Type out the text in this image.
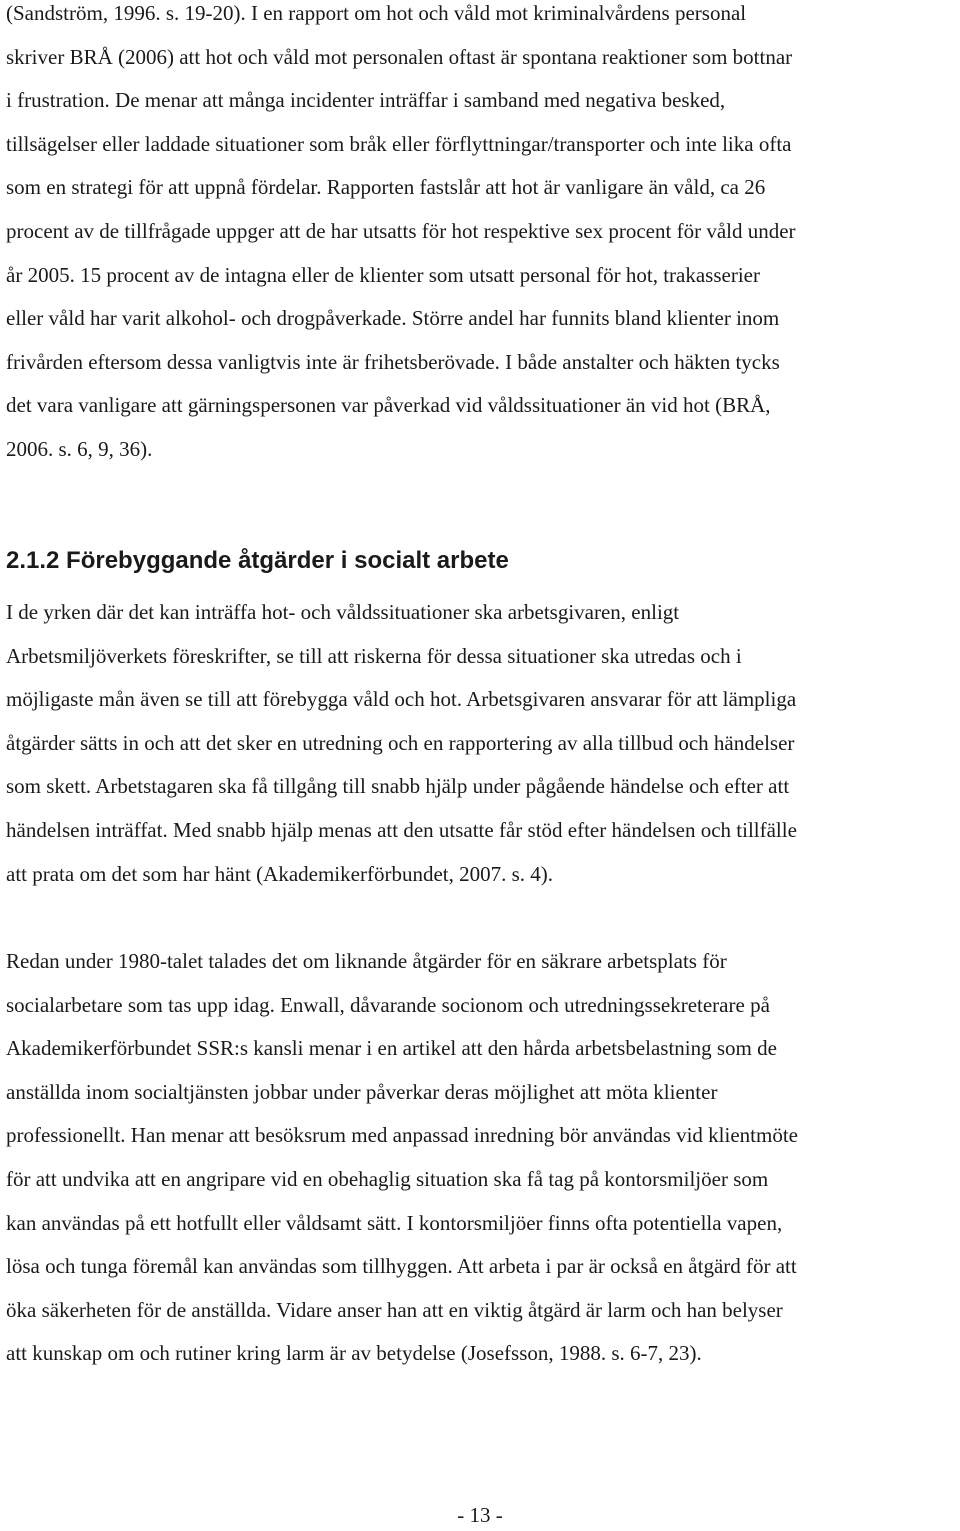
(Sandström, 1996. s. 19-20). I en rapport om hot och våld mot kriminalvårdens personal
skriver BRÅ (2006) att hot och våld mot personalen oftast är spontana reaktioner som bottnar
i frustration. De menar att många incidenter inträffar i samband med negativa besked,
tillsägelser eller laddade situationer som bråk eller förflyttningar/transporter och inte lika ofta
som en strategi för att uppnå fördelar. Rapporten fastslår att hot är vanligare än våld, ca 26
procent av de tillfrågade uppger att de har utsatts för hot respektive sex procent för våld under
år 2005. 15 procent av de intagna eller de klienter som utsatt personal för hot, trakasserier
eller våld har varit alkohol- och drogpåverkade. Större andel har funnits bland klienter inom
frivården eftersom dessa vanligtvis inte är frihetsberövade. I både anstalter och häkten tycks
det vara vanligare att gärningspersonen var påverkad vid våldssituationer än vid hot (BRÅ,
2006. s. 6, 9, 36).

2.1.2 Förebyggande åtgärder i socialt arbete

I de yrken där det kan inträffa hot- och våldssituationer ska arbetsgivaren, enligt
Arbetsmiljöverkets föreskrifter, se till att riskerna för dessa situationer ska utredas och i
möjligaste mån även se till att förebygga våld och hot. Arbetsgivaren ansvarar för att lämpliga
åtgärder sätts in och att det sker en utredning och en rapportering av alla tillbud och händelser
som skett. Arbetstagaren ska få tillgång till snabb hjälp under pågående händelse och efter att
händelsen inträffat. Med snabb hjälp menas att den utsatte får stöd efter händelsen och tillfälle
att prata om det som har hänt (Akademikerförbundet, 2007. s. 4).

Redan under 1980-talet talades det om liknande åtgärder för en säkrare arbetsplats för
socialarbetare som tas upp idag. Enwall, dåvarande socionom och utredningssekreterare på
Akademikerförbundet SSR:s kansli menar i en artikel att den hårda arbetsbelastning som de
anställda inom socialtjänsten jobbar under påverkar deras möjlighet att möta klienter
professionellt. Han menar att besöksrum med anpassad inredning bör användas vid klientmöte
för att undvika att en angripare vid en obehaglig situation ska få tag på kontorsmiljöer som
kan användas på ett hotfullt eller våldsamt sätt. I kontorsmiljöer finns ofta potentiella vapen,
lösa och tunga föremål kan användas som tillhyggen. Att arbeta i par är också en åtgärd för att
öka säkerheten för de anställda. Vidare anser han att en viktig åtgärd är larm och han belyser
att kunskap om och rutiner kring larm är av betydelse (Josefsson, 1988. s. 6-7, 23).

- 13 -
